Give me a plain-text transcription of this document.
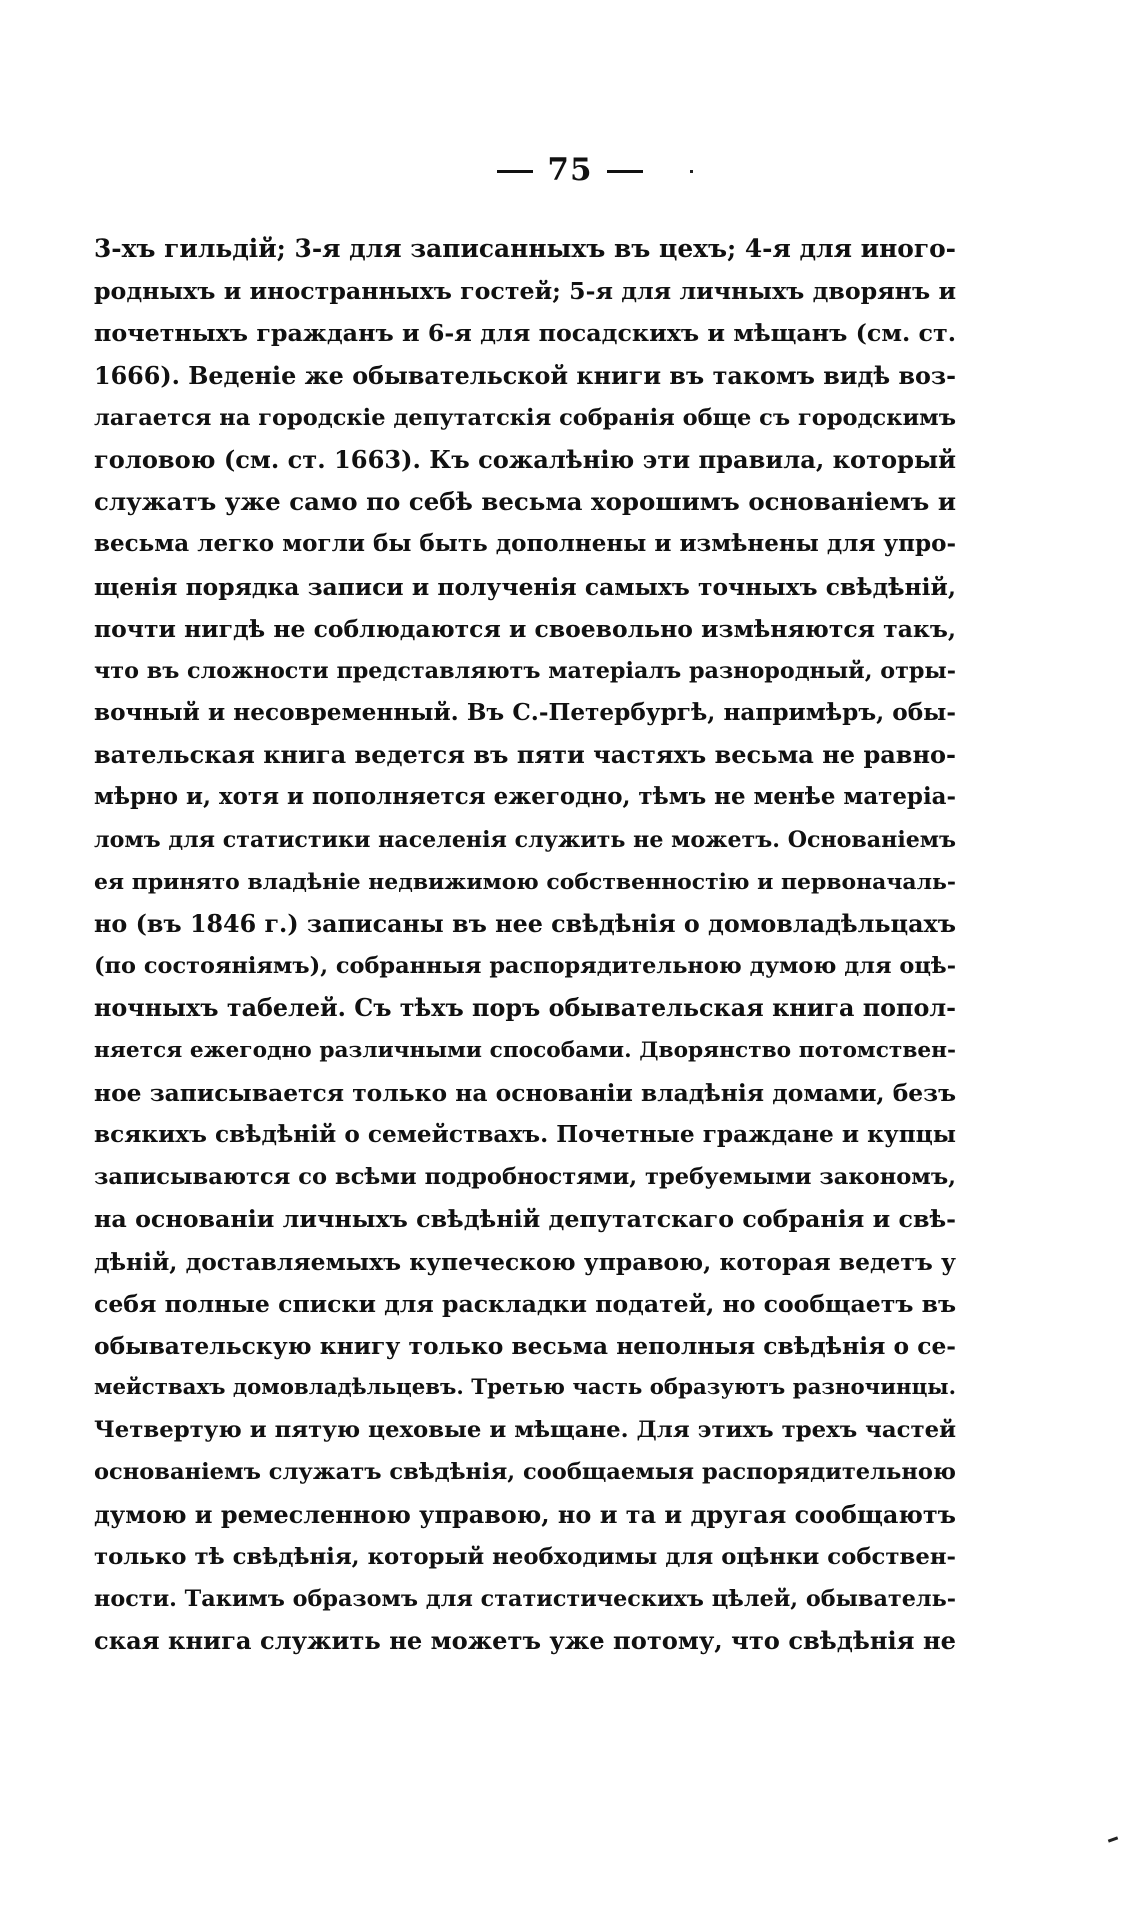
75
3-хъ гильдій; 3-я для записанныхъ въ цехъ; 4-я для иного-
родныхъ и иностранныхъ гостей; 5-я для личныхъ дворянъ и
почетныхъ гражданъ и 6-я для посадскихъ и мѣщанъ (см. ст.
1666). Веденіе же обывательской книги въ такомъ видѣ воз-
лагается на городскіе депутатскія собранія обще съ городскимъ
головою (см. ст. 1663). Къ сожалѣнію эти правила, который
служатъ уже само по себѣ весьма хорошимъ основаніемъ и
весьма легко могли бы быть дополнены и измѣнены для упро-
щенія порядка записи и полученія самыхъ точныхъ свѣдѣній,
почти нигдѣ не соблюдаются и своевольно измѣняются такъ,
что въ сложности представляютъ матеріалъ разнородный, отры-
вочный и несовременный. Въ С.-Петербургѣ, напримѣръ, обы-
вательская книга ведется въ пяти частяхъ весьма не равно-
мѣрно и, хотя и пополняется ежегодно, тѣмъ не менѣе матеріа-
ломъ для статистики населенія служить не можетъ. Основаніемъ
ея принято владѣніе недвижимою собственностію и первоначаль-
но (въ 1846 г.) записаны въ нее свѣдѣнія о домовладѣльцахъ
(по состояніямъ), собранныя распорядительною думою для оцѣ-
ночныхъ табелей. Съ тѣхъ поръ обывательская книга попол-
няется ежегодно различными способами. Дворянство потомствен-
ное записывается только на основаніи владѣнія домами, безъ
всякихъ свѣдѣній о семействахъ. Почетные граждане и купцы
записываются со всѣми подробностями, требуемыми закономъ,
на основаніи личныхъ свѣдѣній депутатскаго собранія и свѣ-
дѣній, доставляемыхъ купеческою управою, которая ведетъ у
себя полные списки для раскладки податей, но сообщаетъ въ
обывательскую книгу только весьма неполныя свѣдѣнія о се-
мействахъ домовладѣльцевъ. Третью часть образуютъ разночинцы.
Четвертую и пятую цеховые и мѣщане. Для этихъ трехъ частей
основаніемъ служатъ свѣдѣнія, сообщаемыя распорядительною
думою и ремесленною управою, но и та и другая сообщаютъ
только тѣ свѣдѣнія, который необходимы для оцѣнки собствен-
ности. Такимъ образомъ для статистическихъ цѣлей, обыватель-
ская книга служить не можетъ уже потому, что свѣдѣнія не
